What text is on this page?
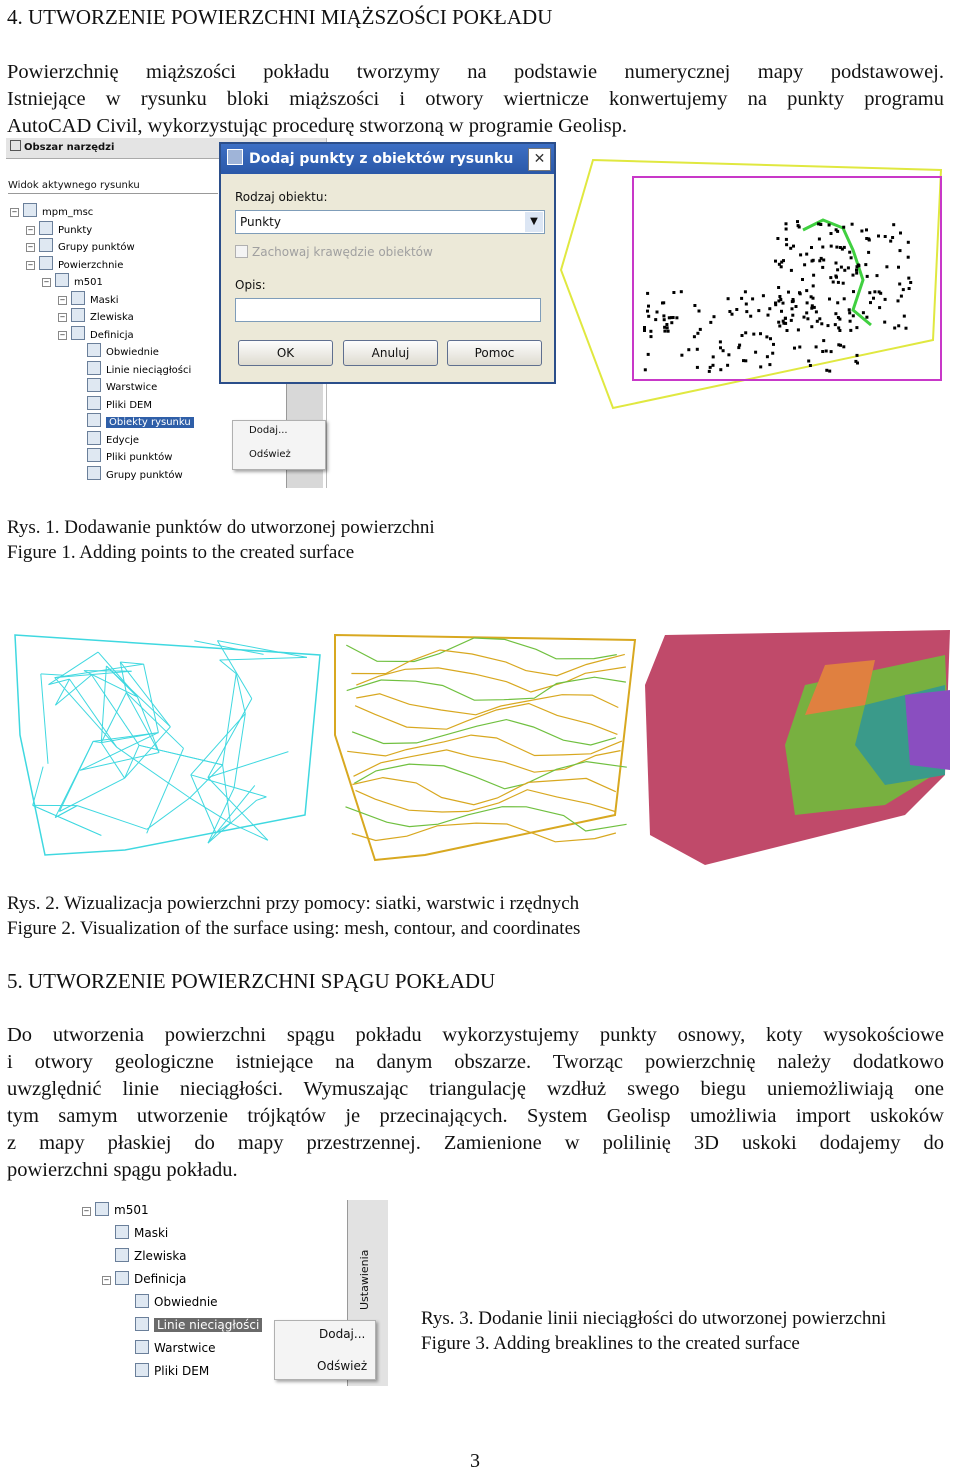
4. UTWORZENIE POWIERZCHNI MIĄŻSZOŚCI POKŁADU
Powierzchnię miąższości pokładu tworzymy na podstawie numerycznej mapy podstawowej.
Istniejące w rysunku bloki miąższości i otwory wiertnicze konwertujemy na punkty programu
AutoCAD Civil, wykorzystując procedurę stworzoną w programie Geolisp.
Obszar narzędzi
Widok aktywnego rysunku
− mpm_msc
− Punkty
− Grupy punktów
− Powierzchnie
− m501
− Maski
− Zlewiska
− Definicja
Obwiednie
Linie nieciągłości
Warstwice
Pliki DEM
Obiekty rysunku
Edycje
Pliki punktów
Grupy punktów
Dodaj...
Odśwież
Dodaj punkty z obiektów rysunku	✕
Rodzaj obiektu:
Punkty	▼
Zachowaj krawędzie obiektów
Opis:
OK	Anuluj	Pomoc
Rys. 1. Dodawanie punktów do utworzonej powierzchni
Figure 1. Adding points to the created surface
Rys. 2. Wizualizacja powierzchni przy pomocy: siatki, warstwic i rzędnych
Figure 2. Visualization of the surface using: mesh, contour, and coordinates
5. UTWORZENIE POWIERZCHNI SPĄGU POKŁADU
Do utworzenia powierzchni spągu pokładu wykorzystujemy punkty osnowy, koty wysokościowe
i otwory geologiczne istniejące na danym obszarze. Tworząc powierzchnię należy dodatkowo
uwzględnić linie nieciągłości. Wymuszając triangulację wzdłuż swego biegu uniemożliwiają one
tym samym utworzenie trójkątów je przecinających. System Geolisp umożliwia import uskoków
z mapy płaskiej do mapy przestrzennej. Zamienione w polilinię 3D uskoki dodajemy do
powierzchni spągu pokładu.
− m501
Maski
Zlewiska
− Definicja
Obwiednie
Linie nieciągłości
Warstwice
Pliki DEM
Ustawienia
Dodaj...
Odśwież
Rys. 3. Dodanie linii nieciągłości do utworzonej powierzchni
Figure 3. Adding breaklines to the created surface
3
